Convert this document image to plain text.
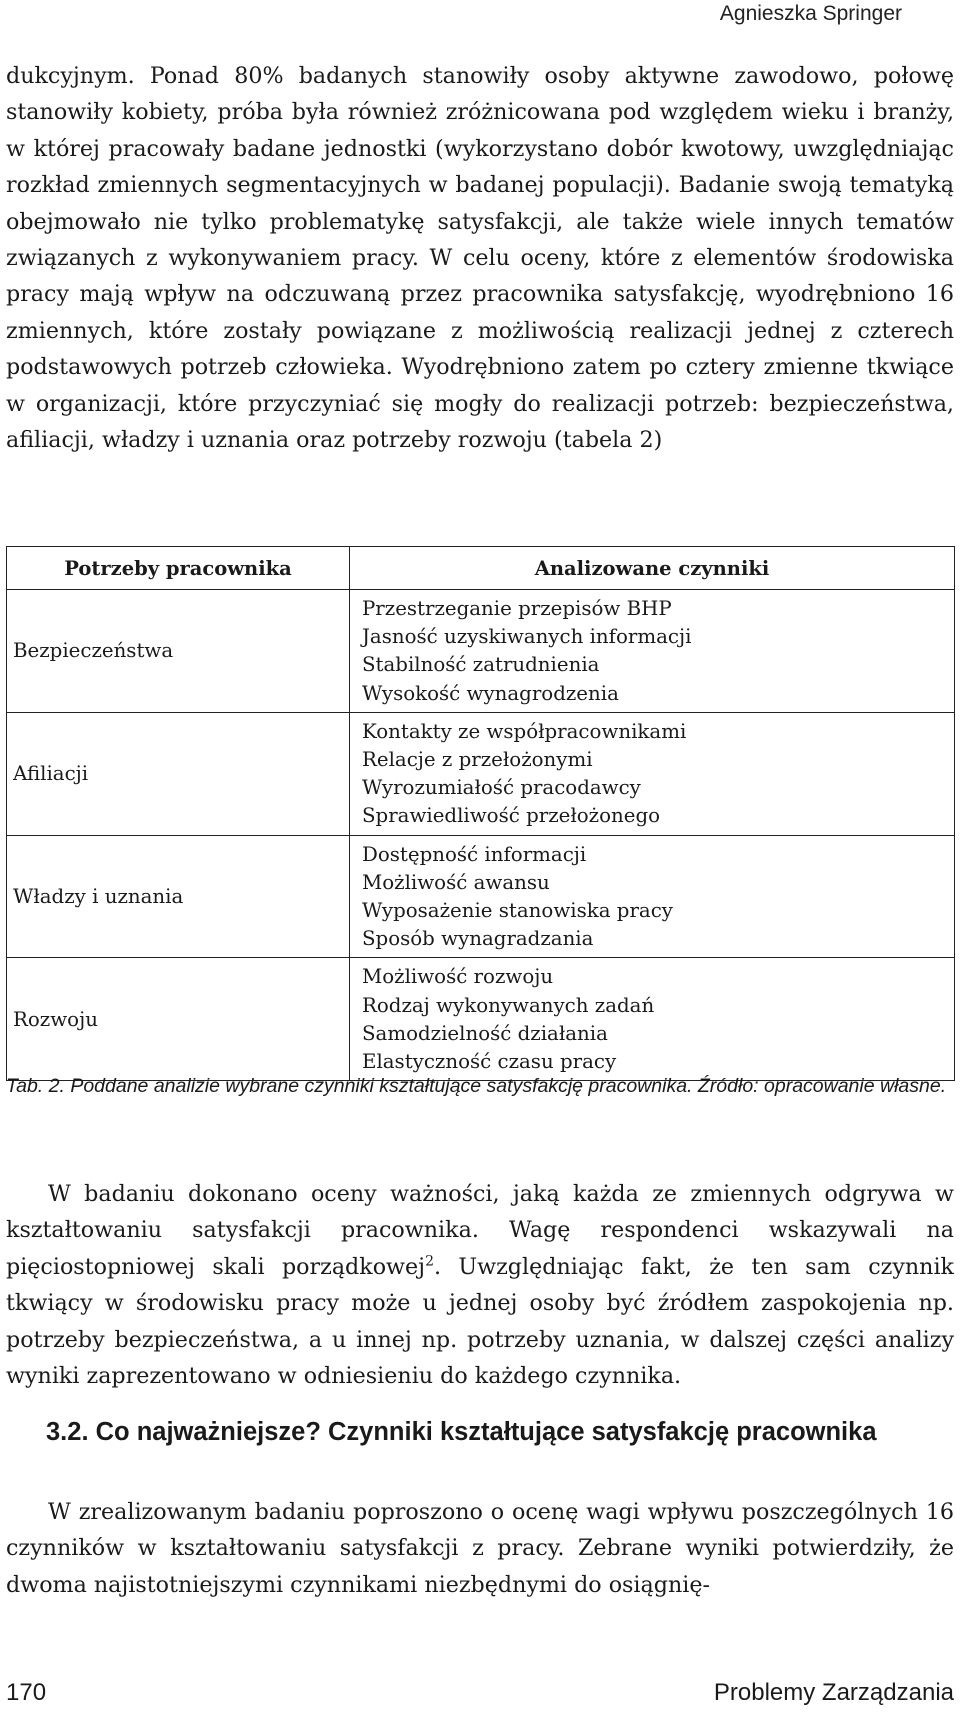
Agnieszka Springer

dukcyjnym. Ponad 80% badanych stanowiły osoby aktywne zawodowo, połowę stanowiły kobiety, próba była również zróżnicowana pod względem wieku i branży, w której pracowały badane jednostki (wykorzystano dobór kwotowy, uwzględniając rozkład zmiennych segmentacyjnych w badanej populacji). Badanie swoją tematyką obejmowało nie tylko problematykę satysfakcji, ale także wiele innych tematów związanych z wykonywaniem pracy. W celu oceny, które z elementów środowiska pracy mają wpływ na odczuwaną przez pracownika satysfakcję, wyodrębniono 16 zmiennych, które zostały powiązane z możliwością realizacji jednej z czterech podstawowych potrzeb człowieka. Wyodrębniono zatem po cztery zmienne tkwiące w organizacji, które przyczyniać się mogły do realizacji potrzeb: bezpieczeństwa, afiliacji, władzy i uznania oraz potrzeby rozwoju (tabela 2)

Potrzeby pracownika	Analizowane czynniki
Bezpieczeństwa	Przestrzeganie przepisów BHP
Jasność uzyskiwanych informacji
Stabilność zatrudnienia
Wysokość wynagrodzenia

Afiliacji	Kontakty ze współpracownikami
Relacje z przełożonymi
Wyrozumiałość pracodawcy
Sprawiedliwość przełożonego

Władzy i uznania	Dostępność informacji
Możliwość awansu
Wyposażenie stanowiska pracy
Sposób wynagradzania

Rozwoju	Możliwość rozwoju
Rodzaj wykonywanych zadań
Samodzielność działania
Elastyczność czasu pracy

Tab. 2. Poddane analizie wybrane czynniki kształtujące satysfakcję pracownika. Źródło: opracowanie własne.

W badaniu dokonano oceny ważności, jaką każda ze zmiennych odgrywa w kształtowaniu satysfakcji pracownika. Wagę respondenci wskazywali na pięciostopniowej skali porządkowej$^2$. Uwzględniając fakt, że ten sam czynnik tkwiący w środowisku pracy może u jednej osoby być źródłem zaspokojenia np. potrzeby bezpieczeństwa, a u innej np. potrzeby uznania, w dalszej części analizy wyniki zaprezentowano w odniesieniu do każdego czynnika.

3.2. Co najważniejsze? Czynniki kształtujące satysfakcję pracownika

W zrealizowanym badaniu poproszono o ocenę wagi wpływu poszczególnych 16 czynników w kształtowaniu satysfakcji z pracy. Zebrane wyniki potwierdziły, że dwoma najistotniejszymi czynnikami niezbędnymi do osiągnię-

170	Problemy Zarządzania
